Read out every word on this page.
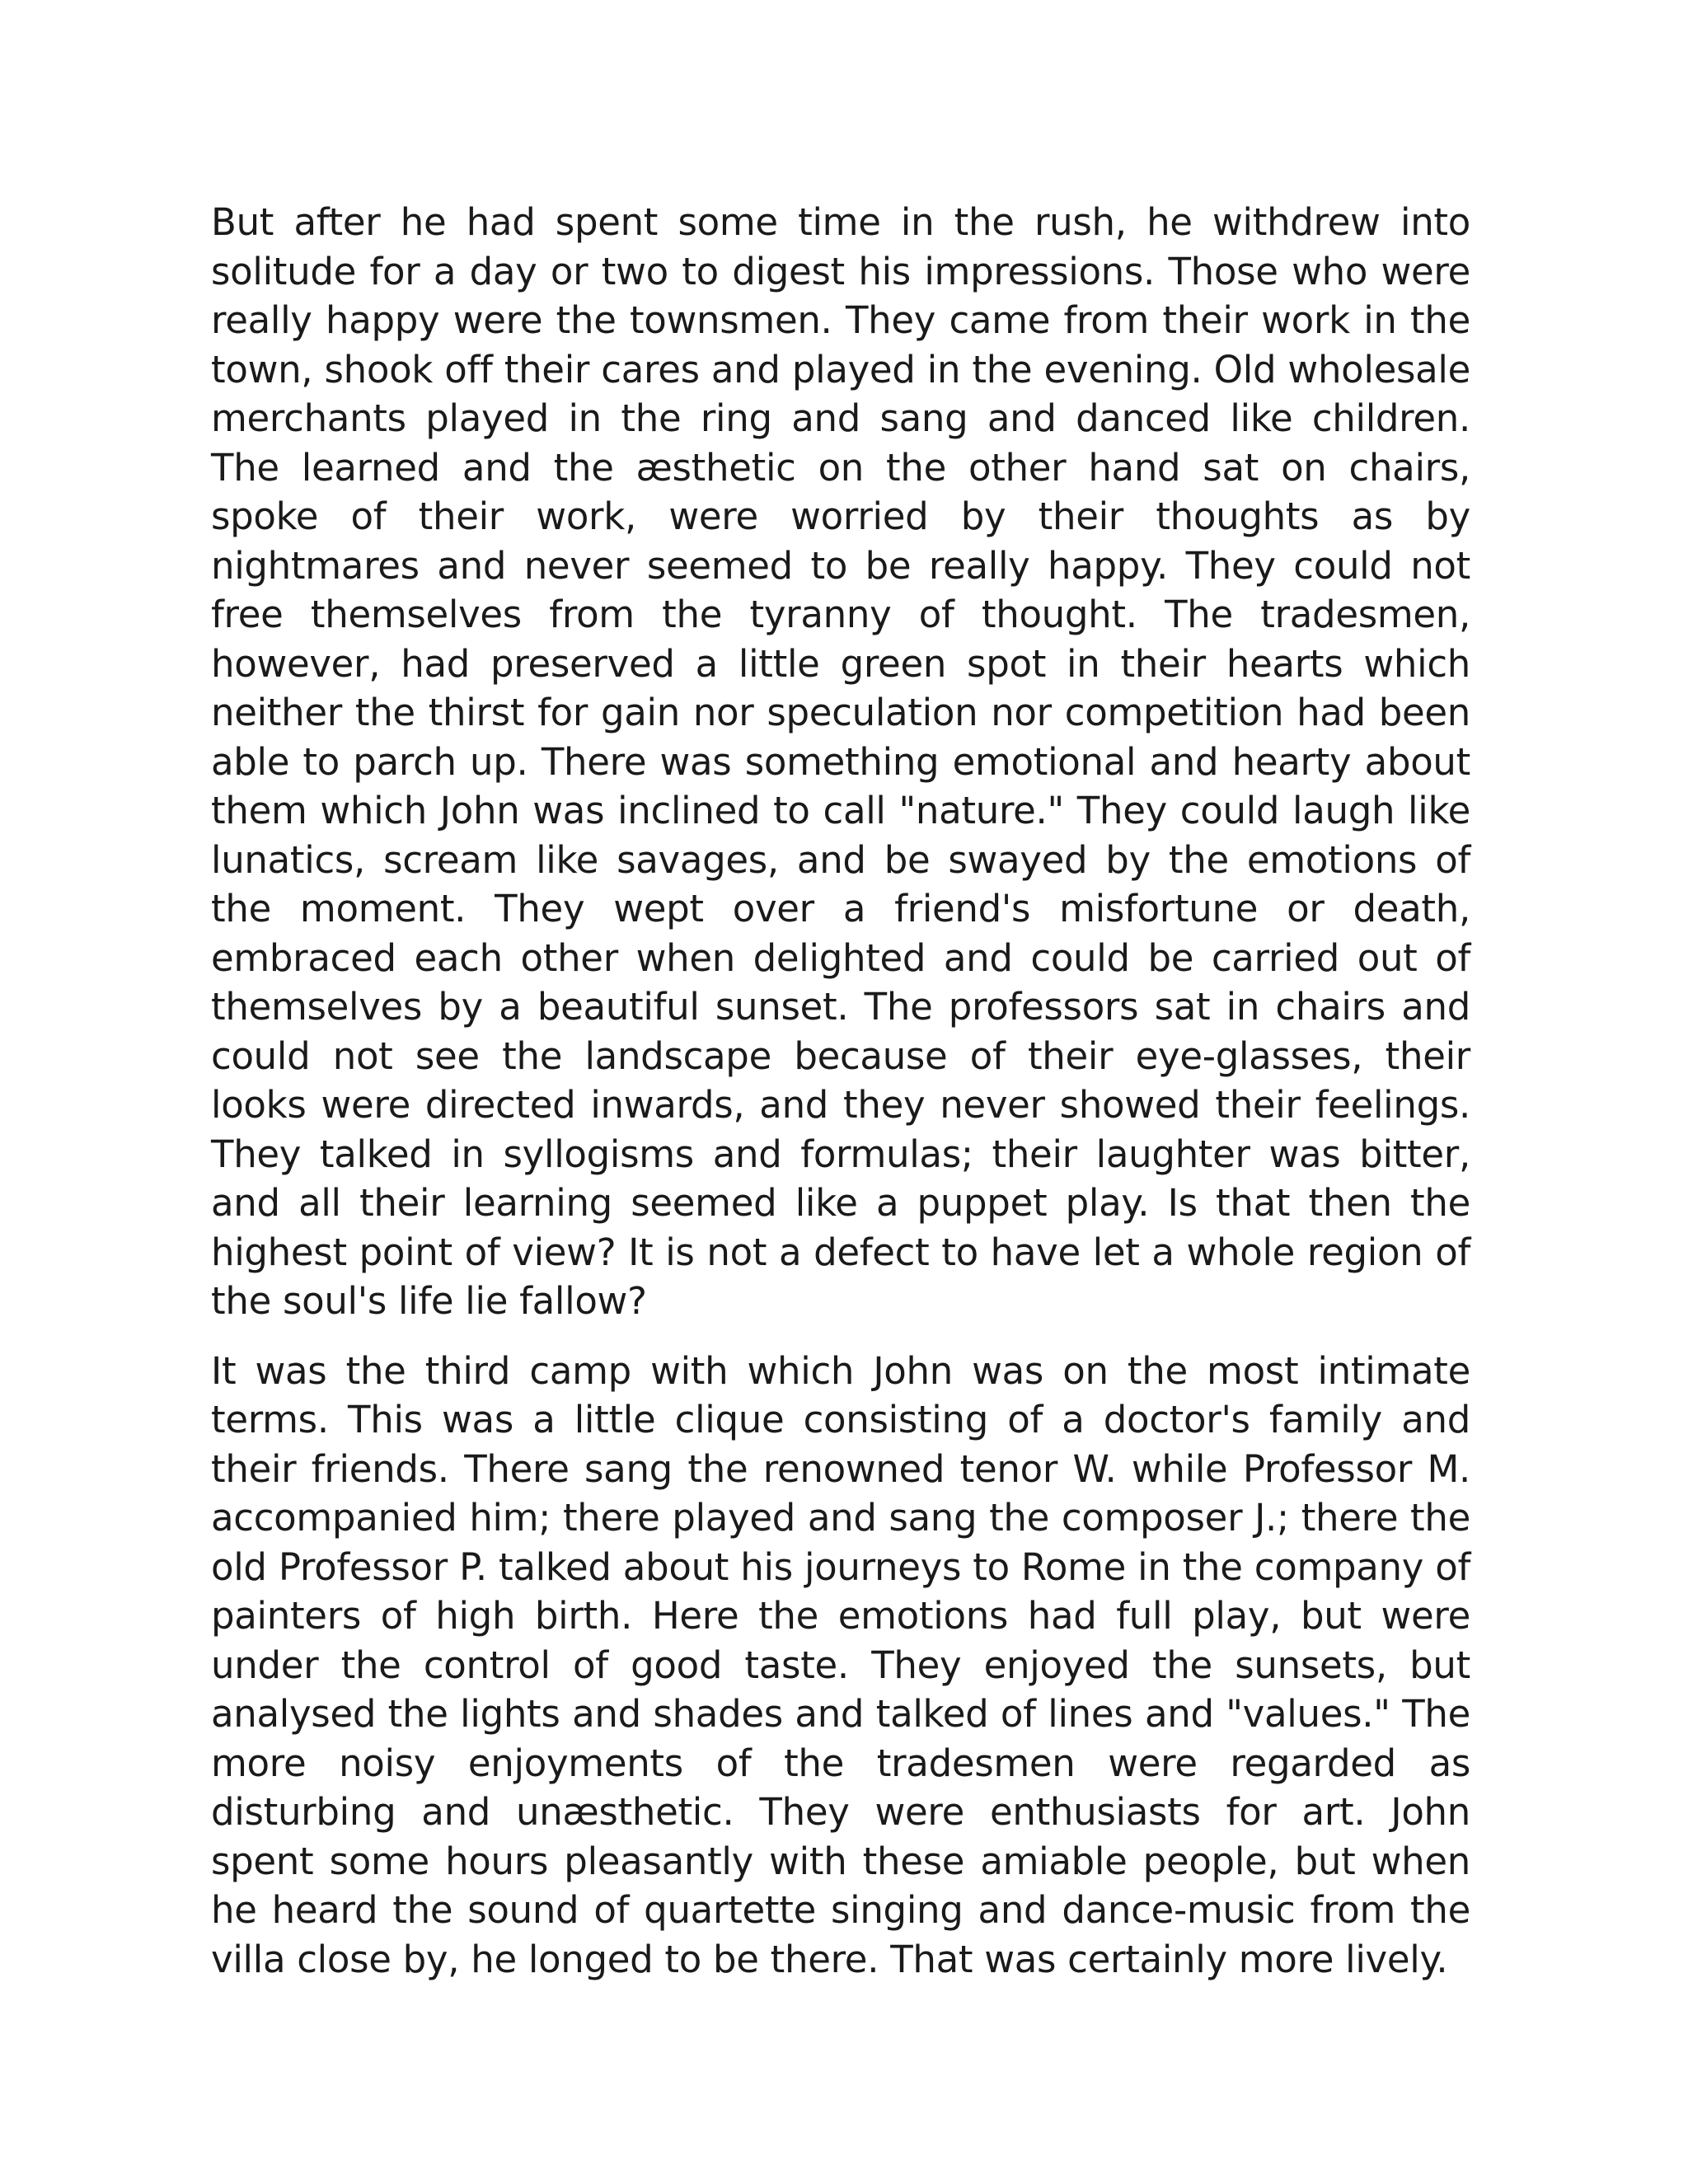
But after he had spent some time in the rush, he withdrew into solitude for a day or two to digest his impressions. Those who were really happy were the townsmen. They came from their work in the town, shook off their cares and played in the evening. Old wholesale merchants played in the ring and sang and danced like children. The learned and the æsthetic on the other hand sat on chairs, spoke of their work, were worried by their thoughts as by nightmares and never seemed to be really happy. They could not free themselves from the tyranny of thought. The tradesmen, however, had preserved a little green spot in their hearts which neither the thirst for gain nor speculation nor competition had been able to parch up. There was something emotional and hearty about them which John was inclined to call "nature." They could laugh like lunatics, scream like savages, and be swayed by the emotions of the moment. They wept over a friend's misfortune or death, embraced each other when delighted and could be carried out of themselves by a beautiful sunset. The professors sat in chairs and could not see the landscape because of their eye-glasses, their looks were directed inwards, and they never showed their feelings. They talked in syllogisms and formulas; their laughter was bitter, and all their learning seemed like a puppet play. Is that then the highest point of view? It is not a defect to have let a whole region of the soul's life lie fallow?

It was the third camp with which John was on the most intimate terms. This was a little clique consisting of a doctor's family and their friends. There sang the renowned tenor W. while Professor M. accompanied him; there played and sang the composer J.; there the old Professor P. talked about his journeys to Rome in the company of painters of high birth. Here the emotions had full play, but were under the control of good taste. They enjoyed the sunsets, but analysed the lights and shades and talked of lines and "values." The more noisy enjoyments of the tradesmen were regarded as disturbing and unæsthetic. They were enthusiasts for art. John spent some hours pleasantly with these amiable people, but when he heard the sound of quartette singing and dance-music from the villa close by, he longed to be there. That was certainly more lively.
